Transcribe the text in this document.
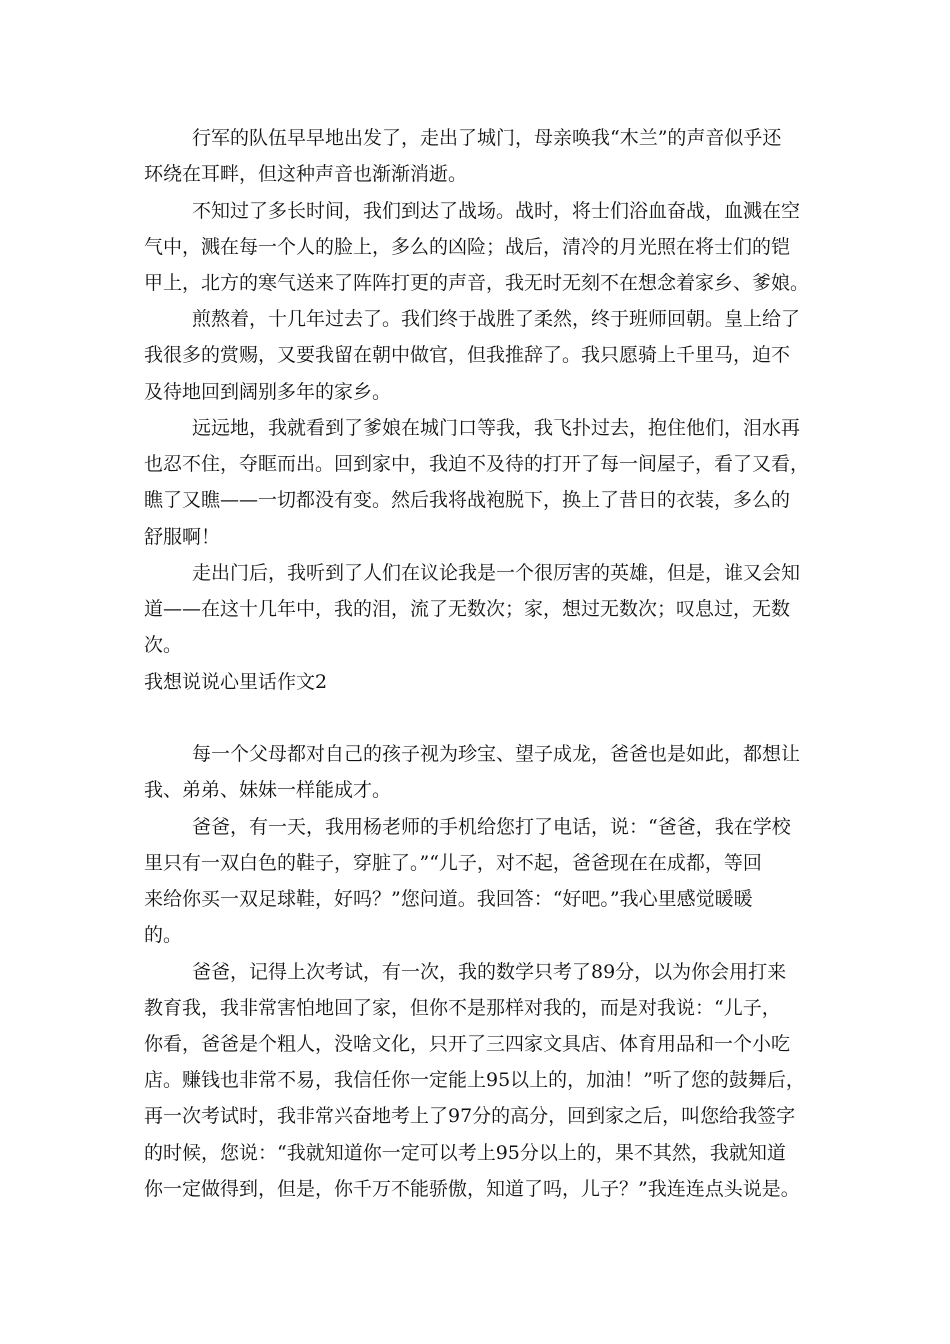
行军的队伍早早地出发了，走出了城门，母亲唤我“木兰”的声音似乎还
环绕在耳畔，但这种声音也渐渐消逝。
不知过了多长时间，我们到达了战场。战时，将士们浴血奋战，血溅在空
气中，溅在每一个人的脸上，多么的凶险；战后，清冷的月光照在将士们的铠
甲上，北方的寒气送来了阵阵打更的声音，我无时无刻不在想念着家乡、爹娘。
煎熬着，十几年过去了。我们终于战胜了柔然，终于班师回朝。皇上给了
我很多的赏赐，又要我留在朝中做官，但我推辞了。我只愿骑上千里马，迫不
及待地回到阔别多年的家乡。
远远地，我就看到了爹娘在城门口等我，我飞扑过去，抱住他们，泪水再
也忍不住，夺眶而出。回到家中，我迫不及待的打开了每一间屋子，看了又看，
瞧了又瞧——一切都没有变。然后我将战袍脱下，换上了昔日的衣装，多么的
舒服啊！
走出门后，我听到了人们在议论我是一个很厉害的英雄，但是，谁又会知
道——在这十几年中，我的泪，流了无数次；家，想过无数次；叹息过，无数
次。
我想说说心里话作文2
每一个父母都对自己的孩子视为珍宝、望子成龙，爸爸也是如此，都想让
我、弟弟、妹妹一样能成才。
爸爸，有一天，我用杨老师的手机给您打了电话，说：“爸爸，我在学校
里只有一双白色的鞋子，穿脏了。”“儿子，对不起，爸爸现在在成都，等回
来给你买一双足球鞋，好吗？”您问道。我回答：“好吧。”我心里感觉暖暖
的。
爸爸，记得上次考试，有一次，我的数学只考了89分，以为你会用打来
教育我，我非常害怕地回了家，但你不是那样对我的，而是对我说：“儿子，
你看，爸爸是个粗人，没啥文化，只开了三四家文具店、体育用品和一个小吃
店。赚钱也非常不易，我信任你一定能上95以上的，加油！”听了您的鼓舞后，
再一次考试时，我非常兴奋地考上了97分的高分，回到家之后，叫您给我签字
的时候，您说：“我就知道你一定可以考上95分以上的，果不其然，我就知道
你一定做得到，但是，你千万不能骄傲，知道了吗，儿子？”我连连点头说是。
